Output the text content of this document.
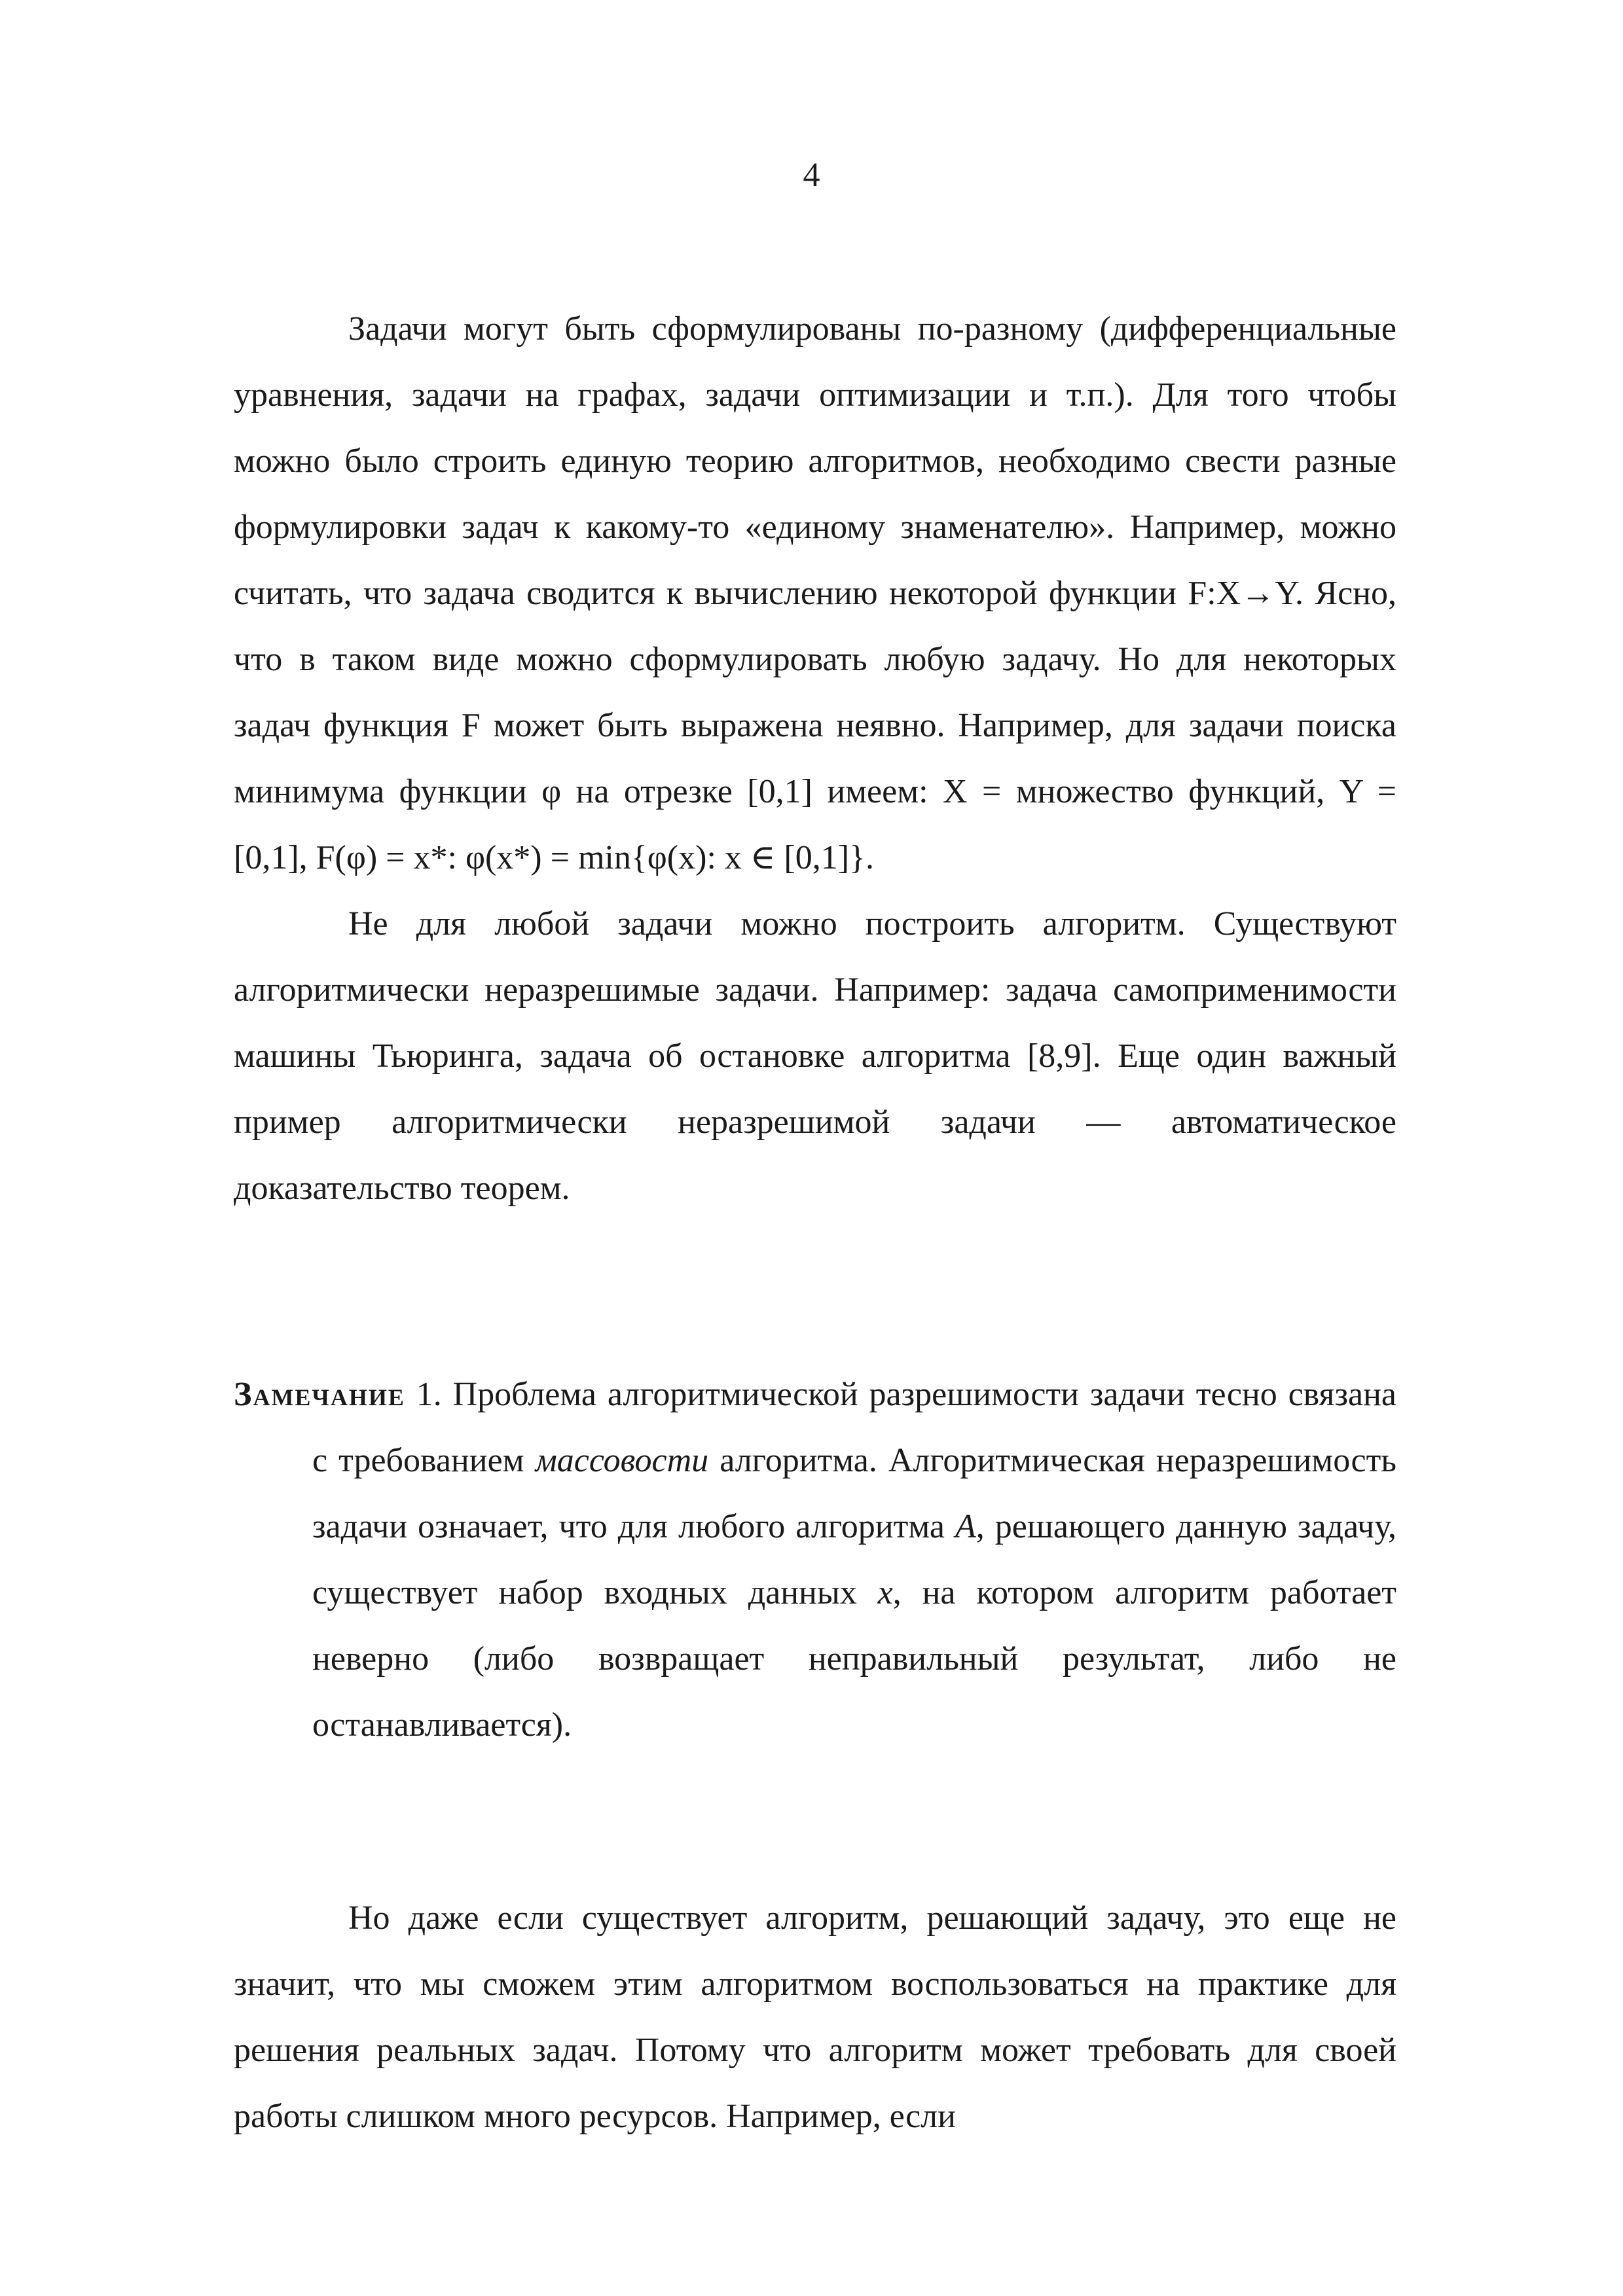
4

Задачи могут быть сформулированы по-разному (дифференциальные уравнения, задачи на графах, задачи оптимизации и т.п.). Для того чтобы можно было строить единую теорию алгоритмов, необходимо свести разные формулировки задач к какому-то «единому знаменателю». Например, можно считать, что задача сводится к вычислению некоторой функции F:X→Y. Ясно, что в таком виде можно сформулировать любую задачу. Но для некоторых задач функция F может быть выражена неявно. Например, для задачи поиска минимума функции φ на отрезке [0,1] имеем: X = множество функций, Y = [0,1], F(φ) = x*: φ(x*) = min{φ(x): x ∈ [0,1]}.

Не для любой задачи можно построить алгоритм. Существуют алгоритмически неразрешимые задачи. Например: задача самоприменимости машины Тьюринга, задача об остановке алгоритма [8,9]. Еще один важный пример алгоритмически неразрешимой задачи — автоматическое доказательство теорем.

Замечание 1. Проблема алгоритмической разрешимости задачи тесно связана с требованием массовости алгоритма. Алгоритмическая неразрешимость задачи означает, что для любого алгоритма A, решающего данную задачу, существует набор входных данных x, на котором алгоритм работает неверно (либо возвращает неправильный результат, либо не останавливается).

Но даже если существует алгоритм, решающий задачу, это еще не значит, что мы сможем этим алгоритмом воспользоваться на практике для решения реальных задач. Потому что алгоритм может требовать для своей работы слишком много ресурсов. Например, если
